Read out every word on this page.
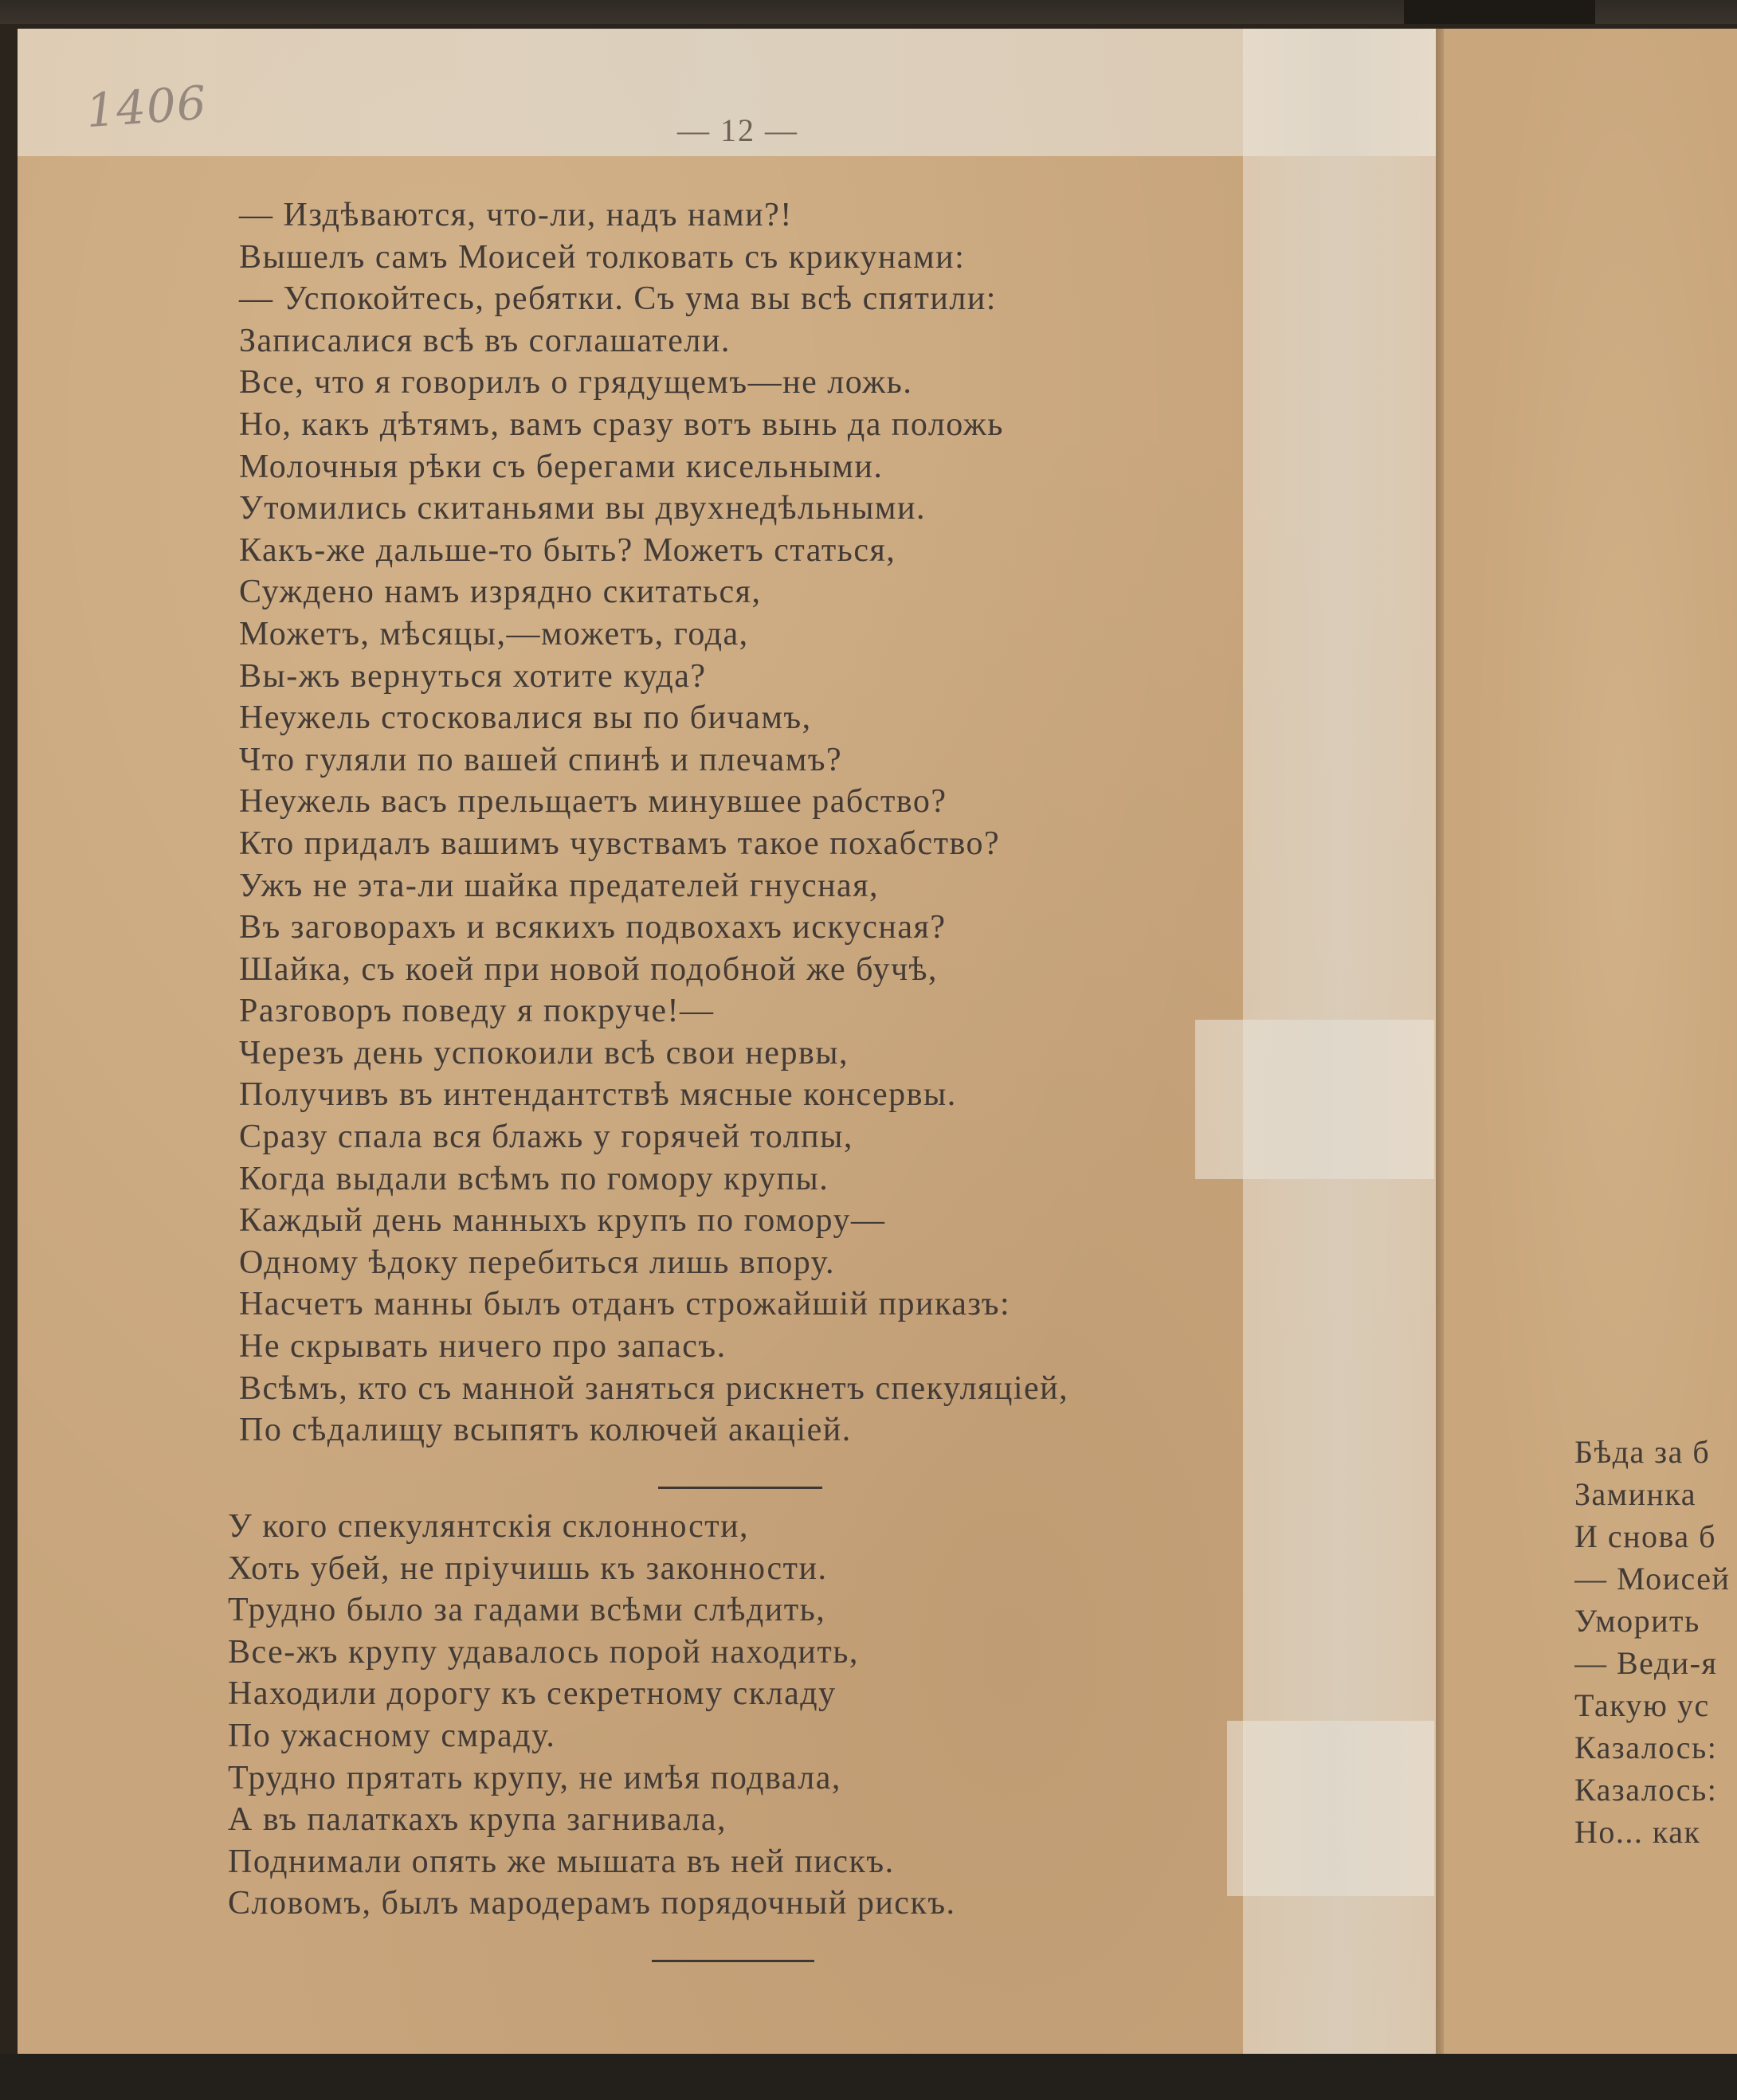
1406	— 12 —
— Издѣваются, что-ли, надъ нами?!
Вышелъ самъ Моисей толковать съ крикунами:
— Успокойтесь, ребятки. Съ ума вы всѣ спятили:
Записалися всѣ въ соглашатели.
Все, что я говорилъ о грядущемъ—не ложь.
Но, какъ дѣтямъ, вамъ сразу вотъ вынь да положь
Молочныя рѣки съ берегами кисельными.
Утомились скитаньями вы двухнедѣльными.
Какъ-же дальше-то быть? Можетъ статься,
Суждено намъ изрядно скитаться,
Можетъ, мѣсяцы,—можетъ, года,
Вы-жъ вернуться хотите куда?
Неужель стосковалися вы по бичамъ,
Что гуляли по вашей спинѣ и плечамъ?
Неужель васъ прельщаетъ минувшее рабство?
Кто придалъ вашимъ чувствамъ такое похабство?
Ужъ не эта-ли шайка предателей гнусная,
Въ заговорахъ и всякихъ подвохахъ искусная?
Шайка, съ коей при новой подобной же бучѣ,
Разговоръ поведу я покруче!—
Черезъ день успокоили всѣ свои нервы,
Получивъ въ интендантствѣ мясные консервы.
Сразу спала вся блажь у горячей толпы,
Когда выдали всѣмъ по гомору крупы.
Каждый день манныхъ крупъ по гомору—
Одному ѣдоку перебиться лишь впору.
Насчетъ манны былъ отданъ строжайшій приказъ:
Не скрывать ничего про запасъ.
Всѣмъ, кто съ манной заняться рискнетъ спекуляціей,
По сѣдалищу всыпятъ колючей акаціей.
У кого спекулянтскія склонности,
Хоть убей, не пріучишь къ законности.
Трудно было за гадами всѣми слѣдить,
Все-жъ крупу удавалось порой находить,
Находили дорогу къ секретному складу
По ужасному смраду.
Трудно прятать крупу, не имѣя подвала,
А въ палаткахъ крупа загнивала,
Поднимали опять же мышата въ ней пискъ.
Словомъ, былъ мародерамъ порядочный рискъ.
Бѣда за б
Заминка
И снова б
— Моисей
Уморить
— Веди-я
Такую ус
Казалось:
Казалось:
Но... как
